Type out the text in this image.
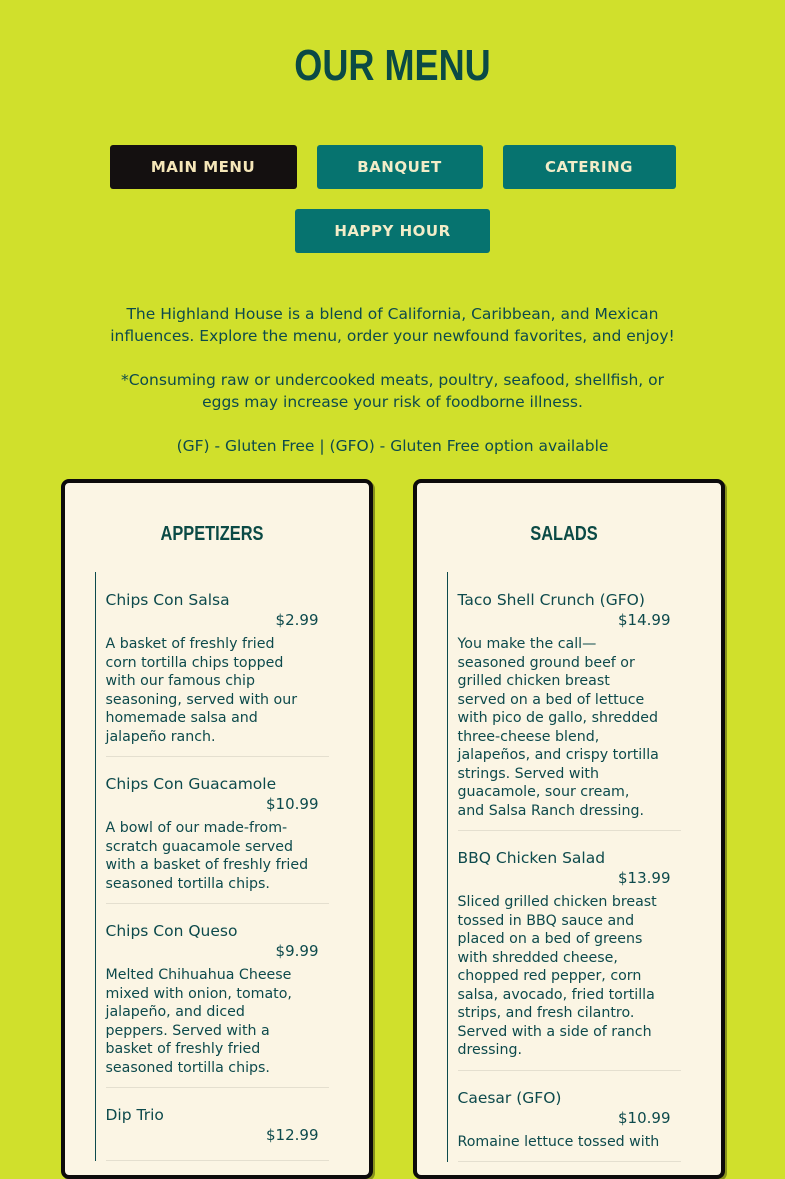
OUR MENU
MAIN MENU	BANQUET	CATERING
HAPPY HOUR

The Highland House is a blend of California, Caribbean, and Mexican influences. Explore the menu, order your newfound favorites, and enjoy!

*Consuming raw or undercooked meats, poultry, seafood, shellfish, or eggs may increase your risk of foodborne illness.

(GF) - Gluten Free | (GFO) - Gluten Free option available

APPETIZERS
Chips Con Salsa
$2.99
A basket of freshly fried corn tortilla chips topped with our famous chip seasoning, served with our homemade salsa and jalapeño ranch.
Chips Con Guacamole
$10.99
A bowl of our made-from-scratch guacamole served with a basket of freshly fried seasoned tortilla chips.
Chips Con Queso
$9.99
Melted Chihuahua Cheese mixed with onion, tomato, jalapeño, and diced peppers. Served with a basket of freshly fried seasoned tortilla chips.
Dip Trio
$12.99
SALADS
Taco Shell Crunch (GFO)
$14.99
You make the call—seasoned ground beef or grilled chicken breast served on a bed of lettuce with pico de gallo, shredded three-cheese blend, jalapeños, and crispy tortilla strings. Served with guacamole, sour cream, and Salsa Ranch dressing.
BBQ Chicken Salad
$13.99
Sliced grilled chicken breast tossed in BBQ sauce and placed on a bed of greens with shredded cheese, chopped red pepper, corn salsa, avocado, fried tortilla strips, and fresh cilantro. Served with a side of ranch dressing.
Caesar (GFO)
$10.99
Romaine lettuce tossed with
